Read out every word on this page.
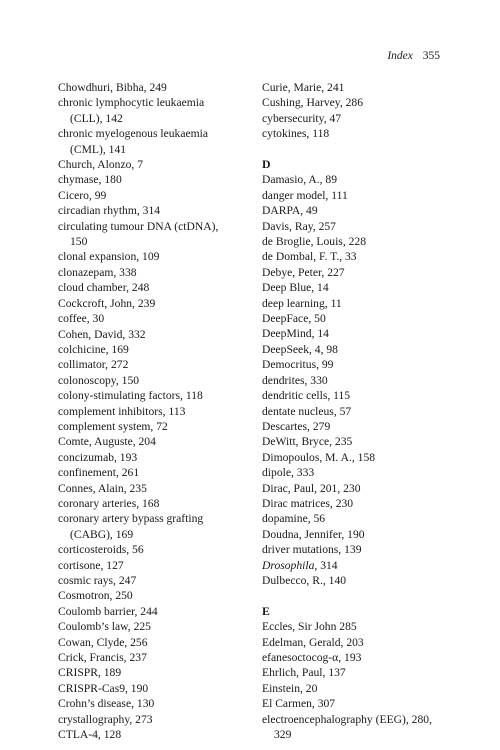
Index 355
Chowdhuri, Bibha, 249
chronic lymphocytic leukaemia
(CLL), 142
chronic myelogenous leukaemia
(CML), 141
Church, Alonzo, 7
chymase, 180
Cicero, 99
circadian rhythm, 314
circulating tumour DNA (ctDNA),
150
clonal expansion, 109
clonazepam, 338
cloud chamber, 248
Cockcroft, John, 239
coffee, 30
Cohen, David, 332
colchicine, 169
collimator, 272
colonoscopy, 150
colony-stimulating factors, 118
complement inhibitors, 113
complement system, 72
Comte, Auguste, 204
concizumab, 193
confinement, 261
Connes, Alain, 235
coronary arteries, 168
coronary artery bypass grafting
(CABG), 169
corticosteroids, 56
cortisone, 127
cosmic rays, 247
Cosmotron, 250
Coulomb barrier, 244
Coulomb’s law, 225
Cowan, Clyde, 256
Crick, Francis, 237
CRISPR, 189
CRISPR-Cas9, 190
Crohn’s disease, 130
crystallography, 273
CTLA-4, 128
Curie, Marie, 241
Cushing, Harvey, 286
cybersecurity, 47
cytokines, 118
D
Damasio, A., 89
danger model, 111
DARPA, 49
Davis, Ray, 257
de Broglie, Louis, 228
de Dombal, F. T., 33
Debye, Peter, 227
Deep Blue, 14
deep learning, 11
DeepFace, 50
DeepMind, 14
DeepSeek, 4, 98
Democritus, 99
dendrites, 330
dendritic cells, 115
dentate nucleus, 57
Descartes, 279
DeWitt, Bryce, 235
Dimopoulos, M. A., 158
dipole, 333
Dirac, Paul, 201, 230
Dirac matrices, 230
dopamine, 56
Doudna, Jennifer, 190
driver mutations, 139
Drosophila, 314
Dulbecco, R., 140
E
Eccles, Sir John 285
Edelman, Gerald, 203
efanesoctocog-α, 193
Ehrlich, Paul, 137
Einstein, 20
El Carmen, 307
electroencephalography (EEG), 280,
329
